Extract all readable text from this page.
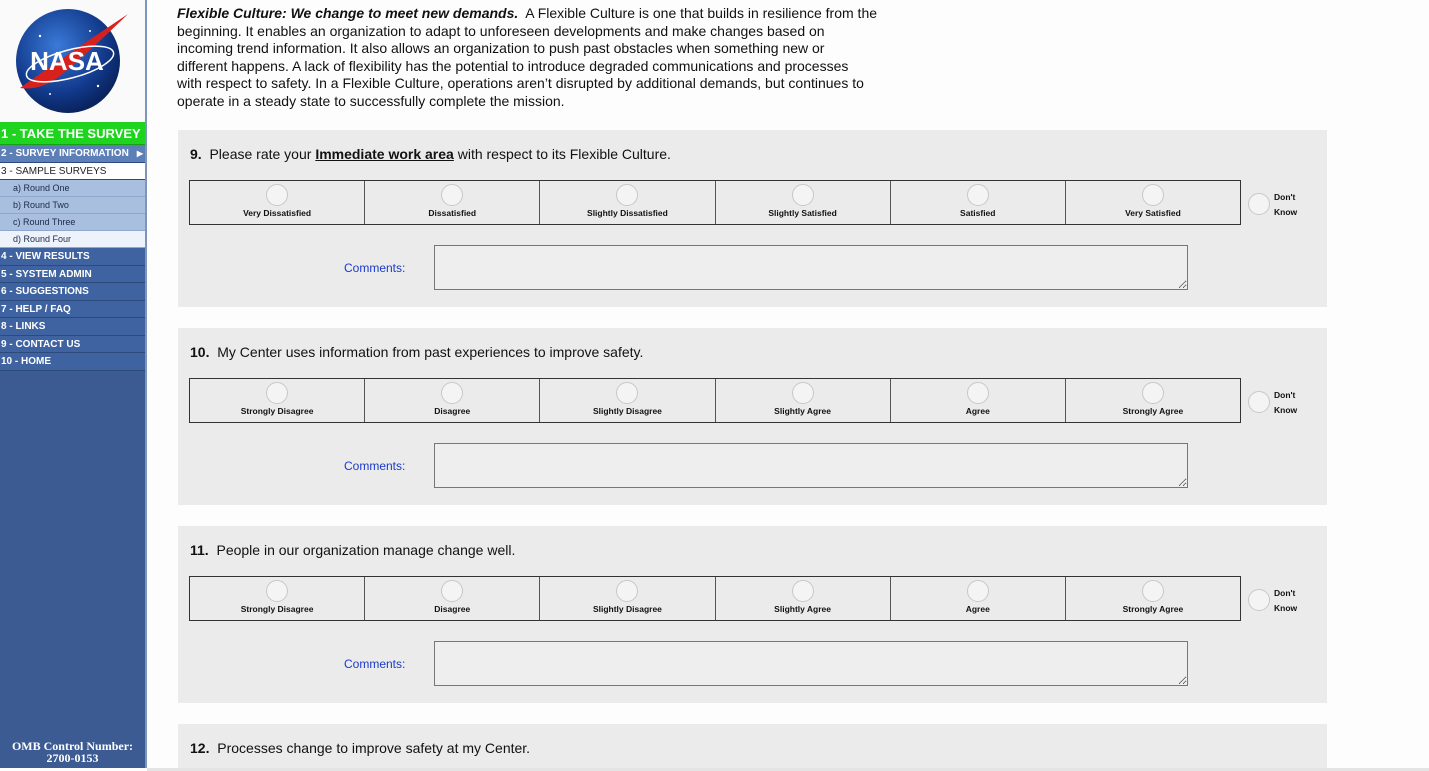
NASA
1 - TAKE THE SURVEY
2 - SURVEY INFORMATION ▶
3 - SAMPLE SURVEYS
a) Round One
b) Round Two
c) Round Three
d) Round Four
4 - VIEW RESULTS
5 - SYSTEM ADMIN
6 - SUGGESTIONS
7 - HELP / FAQ
8 - LINKS
9 - CONTACT US
10 - HOME
OMB Control Number:
2700-0153
Flexible Culture: We change to meet new demands. A Flexible Culture is one that builds in resilience from the beginning. It enables an organization to adapt to unforeseen developments and make changes based on incoming trend information. It also allows an organization to push past obstacles when something new or different happens. A lack of flexibility has the potential to introduce degraded communications and processes with respect to safety. In a Flexible Culture, operations aren’t disrupted by additional demands, but continues to operate in a steady state to successfully complete the mission.
9. Please rate your Immediate work area with respect to its Flexible Culture.
Very Dissatisfied	Dissatisfied	Slightly Dissatisfied	Slightly Satisfied	Satisfied	Very Satisfied
Don't Know
Comments:
10. My Center uses information from past experiences to improve safety.
Strongly Disagree	Disagree	Slightly Disagree	Slightly Agree	Agree	Strongly Agree
Don't Know
Comments:
11. People in our organization manage change well.
Strongly Disagree	Disagree	Slightly Disagree	Slightly Agree	Agree	Strongly Agree
Don't Know
Comments:
12. Processes change to improve safety at my Center.
